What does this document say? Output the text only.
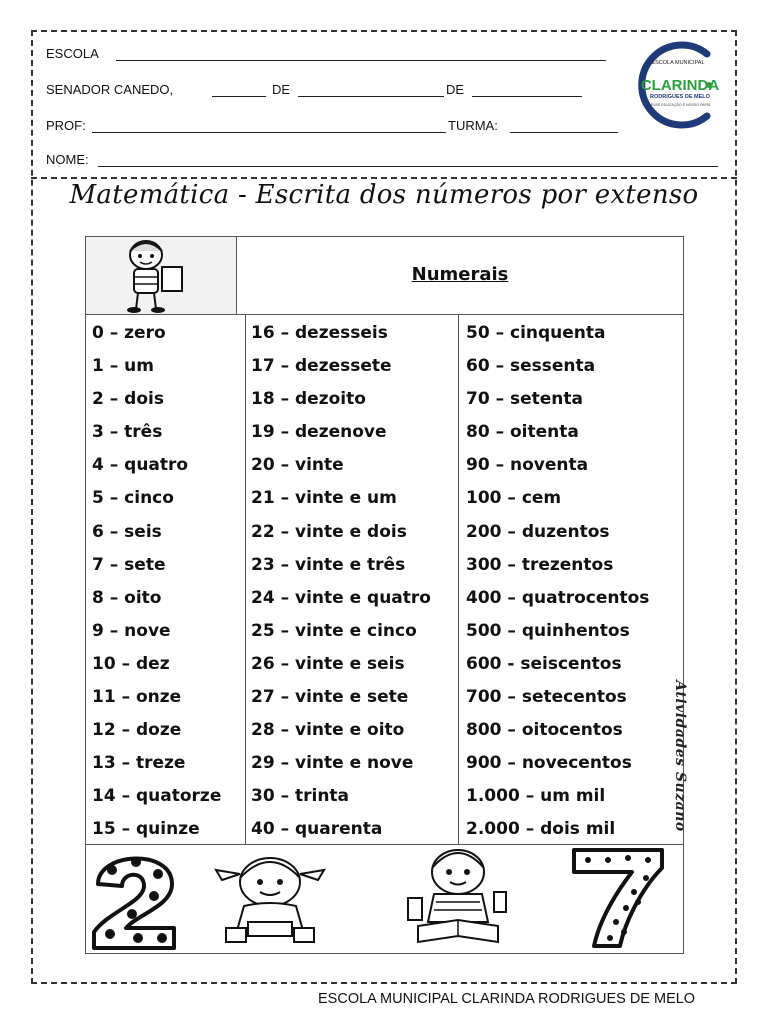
ESCOLA
SENADOR CANEDO,	DE	DE
PROF:	TURMA:
NOME:
ESCOLA MUNICIPAL
CLARINDA
RODRIGUES DE MELO
LEVAR EDUCAÇÃO É NOSSO PAPEL
Matemática - Escrita dos números por extenso
Numerais
0 – zero
1 – um
2 – dois
3 – três
4 – quatro
5 – cinco
6 – seis
7 – sete
8 – oito
9 – nove
10 – dez
11 – onze
12 – doze
13 – treze
14 – quatorze
15 – quinze
16 – dezesseis
17 – dezessete
18 – dezoito
19 – dezenove
20 – vinte
21 – vinte e um
22 – vinte e dois
23 – vinte e três
24 – vinte e quatro
25 – vinte e cinco
26 – vinte e seis
27 – vinte e sete
28 – vinte e oito
29 – vinte e nove
30 – trinta
40 – quarenta
50 – cinquenta
60 – sessenta
70 – setenta
80 – oitenta
90 – noventa
100 – cem
200 – duzentos
300 – trezentos
400 – quatrocentos
500 – quinhentos
600 - seiscentos
700 – setecentos
800 – oitocentos
900 – novecentos
1.000 – um mil
2.000 – dois mil	Atividades Suzano
ESCOLA MUNICIPAL CLARINDA RODRIGUES DE MELO
